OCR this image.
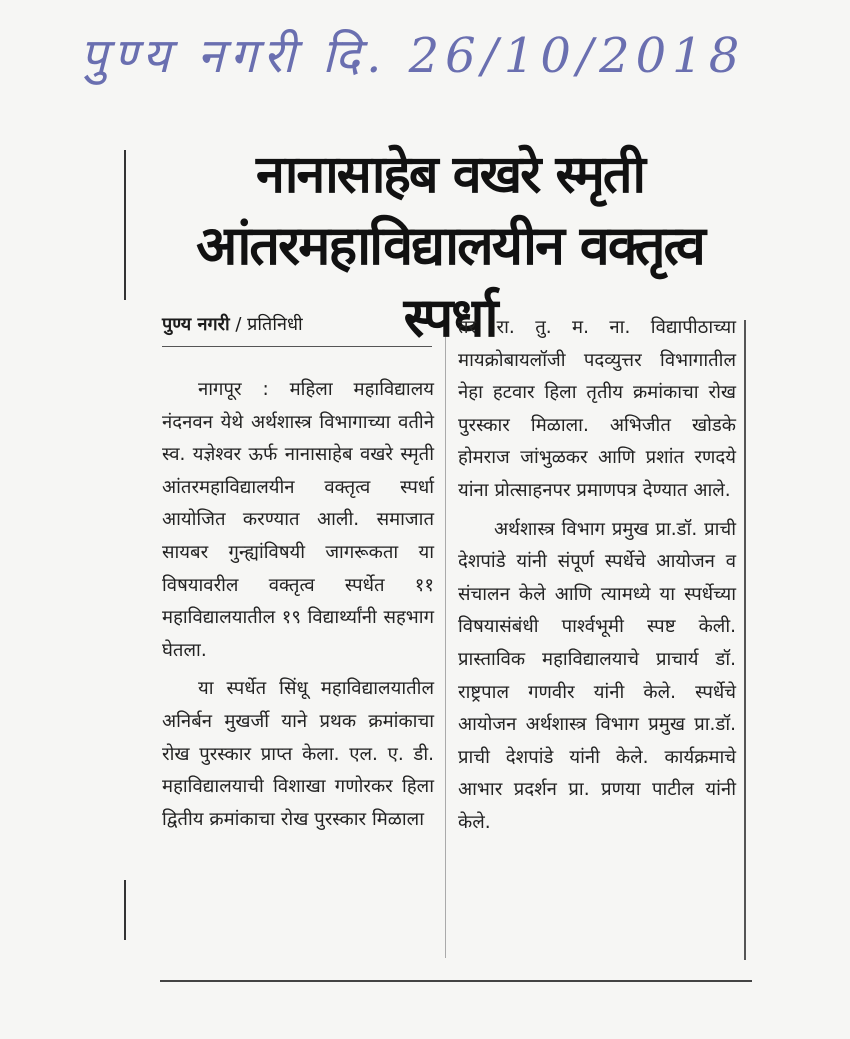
पुण्य नगरी दि. 26/10/2018
नानासाहेब वखरे स्मृती
आंतरमहाविद्यालयीन वक्तृत्व स्पर्धा
पुण्य नगरी / प्रतिनिधी

नागपूर : महिला महाविद्यालय नंदनवन येथे अर्थशास्त्र विभागाच्या वतीने स्व. यज्ञेश्वर ऊर्फ नानासाहेब वखरे स्मृती आंतरमहाविद्यालयीन वक्तृत्व स्पर्धा आयोजित करण्यात आली. समाजात सायबर गुन्ह्यांविषयी जागरूकता या विषयावरील वक्तृत्व स्पर्धेत ११ महाविद्यालयातील १९ विद्यार्थ्यांनी सहभाग घेतला.

या स्पर्धेत सिंधू महाविद्यालयातील अनिर्बन मुखर्जी याने प्रथक क्रमांकाचा रोख पुरस्कार प्राप्त केला. एल. ए. डी. महाविद्यालयाची विशाखा गणोरकर हिला द्वितीय क्रमांकाचा रोख पुरस्कार मिळाला

तर रा. तु. म. ना. विद्यापीठाच्या मायक्रोबायलॉजी पदव्युत्तर विभागातील नेहा हटवार हिला तृतीय क्रमांकाचा रोख पुरस्कार मिळाला. अभिजीत खोडके होमराज जांभुळकर आणि प्रशांत रणदये यांना प्रोत्साहनपर प्रमाणपत्र देण्यात आले.

अर्थशास्त्र विभाग प्रमुख प्रा.डॉ. प्राची देशपांडे यांनी संपूर्ण स्पर्धेचे आयोजन व संचालन केले आणि त्यामध्ये या स्पर्धेच्या विषयासंबंधी पार्श्वभूमी स्पष्ट केली. प्रास्ताविक महाविद्यालयाचे प्राचार्य डॉ. राष्ट्रपाल गणवीर यांनी केले. स्पर्धेचे आयोजन अर्थशास्त्र विभाग प्रमुख प्रा.डॉ. प्राची देशपांडे यांनी केले. कार्यक्रमाचे आभार प्रदर्शन प्रा. प्रणया पाटील यांनी केले.
